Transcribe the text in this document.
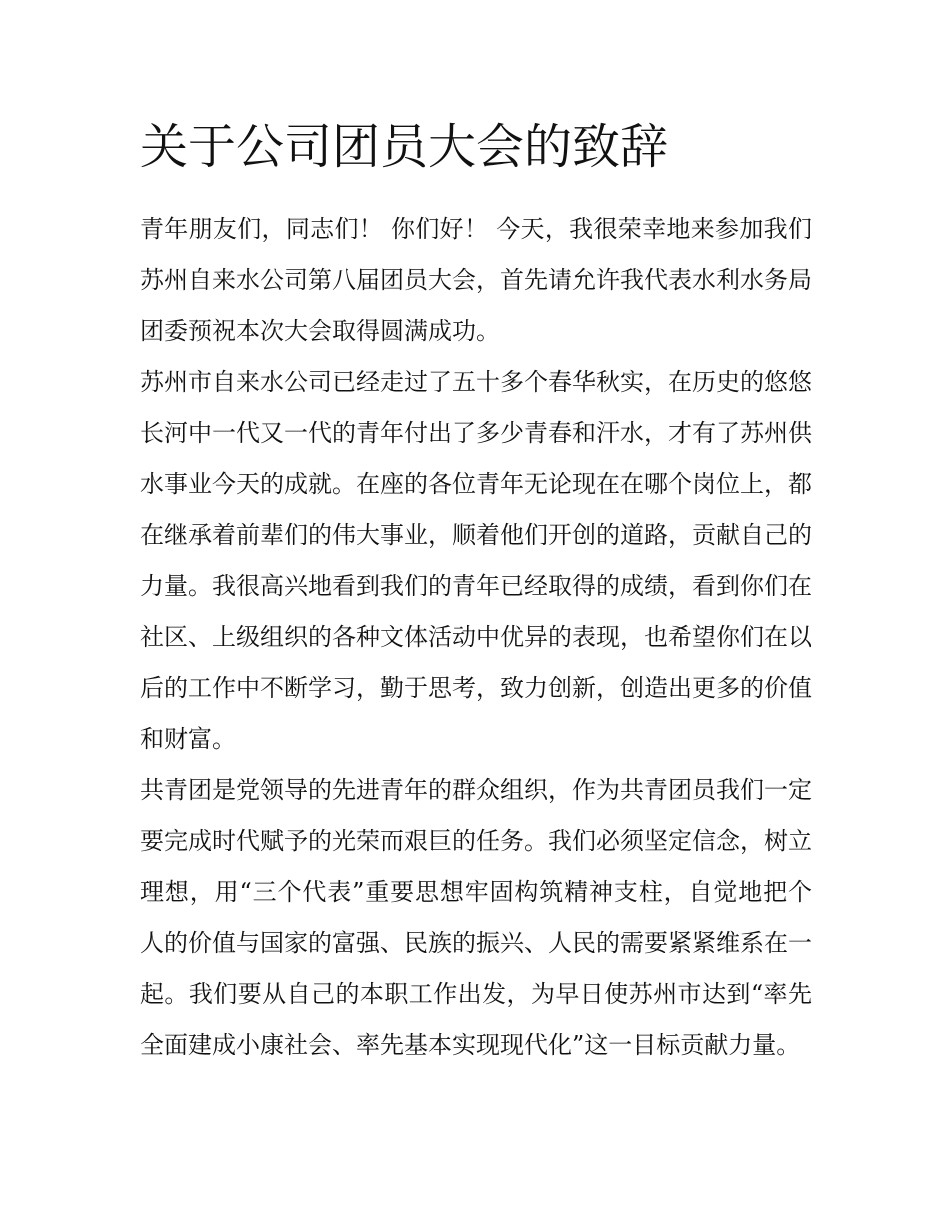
关于公司团员大会的致辞

青年朋友们，同志们！ 你们好！ 今天，我很荣幸地来参加我们苏州自来水公司第八届团员大会，首先请允许我代表水利水务局团委预祝本次大会取得圆满成功。

苏州市自来水公司已经走过了五十多个春华秋实，在历史的悠悠长河中一代又一代的青年付出了多少青春和汗水，才有了苏州供水事业今天的成就。在座的各位青年无论现在在哪个岗位上，都在继承着前辈们的伟大事业，顺着他们开创的道路，贡献自己的力量。我很高兴地看到我们的青年已经取得的成绩，看到你们在社区、上级组织的各种文体活动中优异的表现，也希望你们在以后的工作中不断学习，勤于思考，致力创新，创造出更多的价值和财富。

共青团是党领导的先进青年的群众组织，作为共青团员我们一定要完成时代赋予的光荣而艰巨的任务。我们必须坚定信念，树立理想，用“三个代表”重要思想牢固构筑精神支柱，自觉地把个人的价值与国家的富强、民族的振兴、人民的需要紧紧维系在一起。我们要从自己的本职工作出发，为早日使苏州市达到“率先全面建成小康社会、率先基本实现现代化”这一目标贡献力量。
